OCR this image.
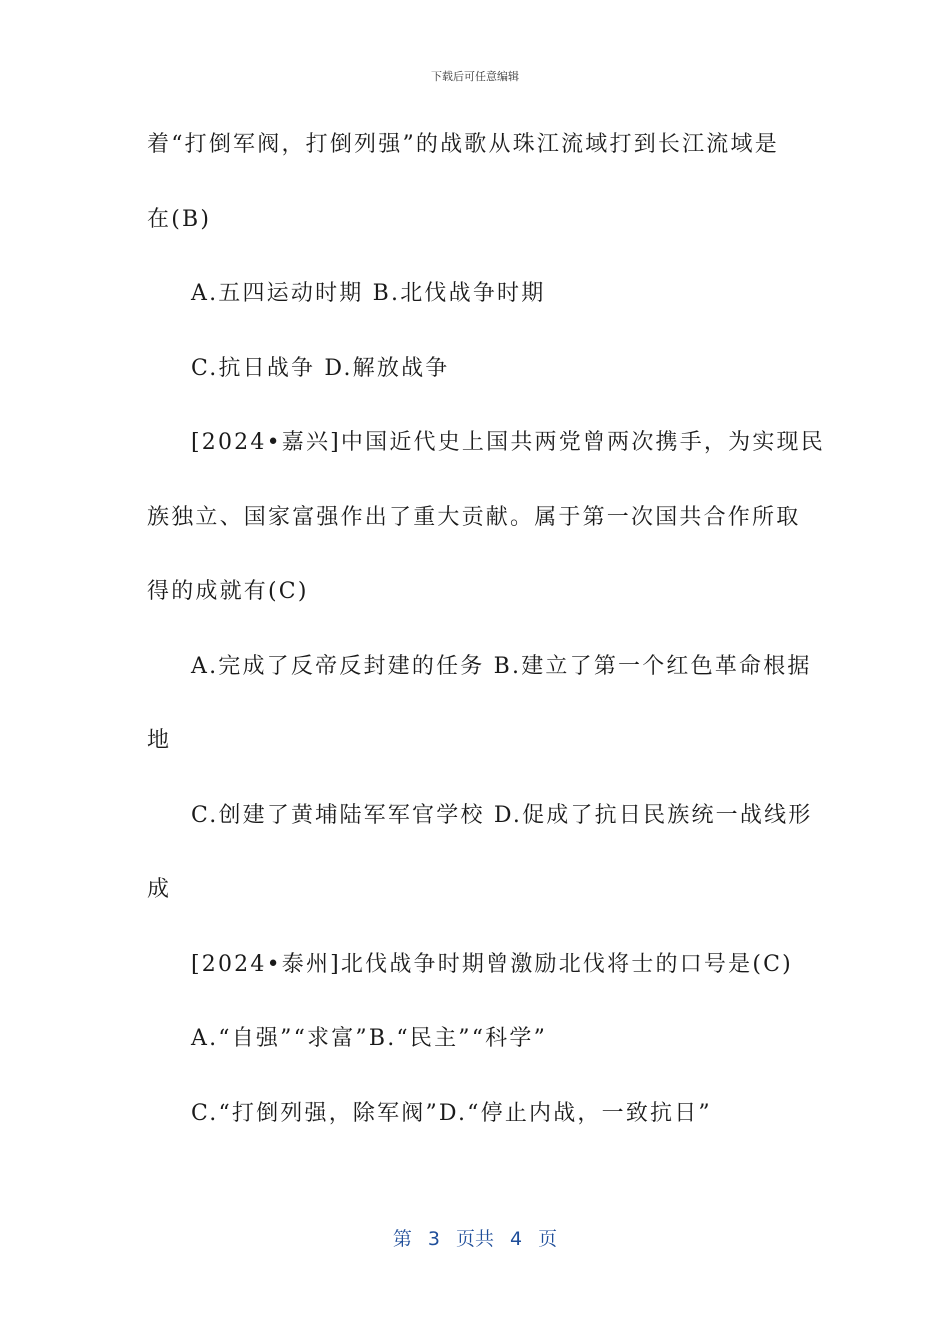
下载后可任意编辑
着“打倒军阀，打倒列强”的战歌从珠江流域打到长江流域是
在(B)
A.五四运动时期 B.北伐战争时期
C.抗日战争 D.解放战争
[2024•嘉兴]中国近代史上国共两党曾两次携手，为实现民
族独立、国家富强作出了重大贡献。属于第一次国共合作所取
得的成就有(C)
A.完成了反帝反封建的任务 B.建立了第一个红色革命根据
地
C.创建了黄埔陆军军官学校 D.促成了抗日民族统一战线形
成
[2024•泰州]北伐战争时期曾激励北伐将士的口号是(C)
A.“自强”“求富”B.“民主”“科学”
C.“打倒列强，除军阀”D.“停止内战，一致抗日”
第 3 页共 4 页
